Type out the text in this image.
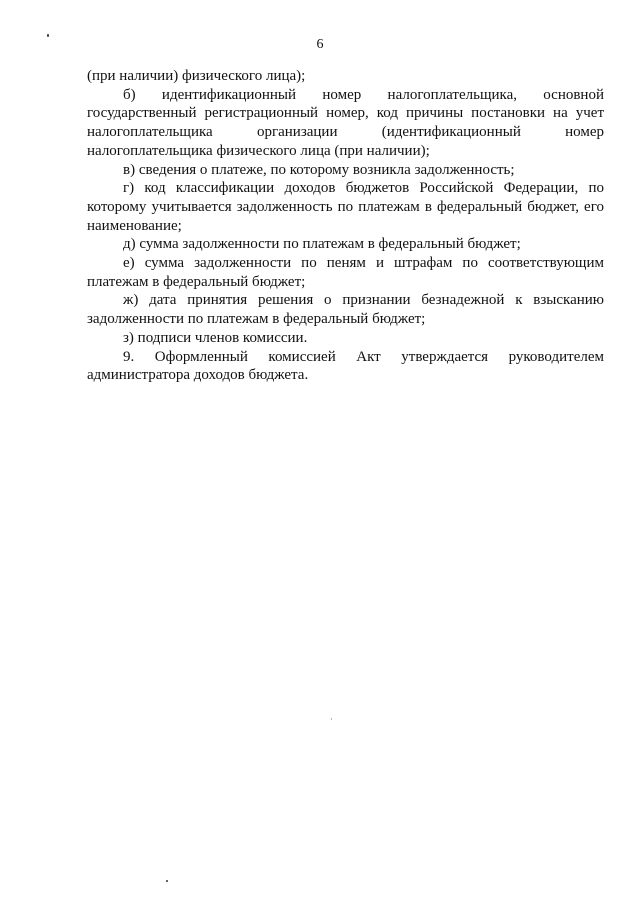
6

(при наличии) физического лица);

б) идентификационный номер налогоплательщика, основной государственный регистрационный номер, код причины постановки на учет налогоплательщика организации (идентификационный номер налогоплательщика физического лица (при наличии);

в) сведения о платеже, по которому возникла задолженность;

г) код классификации доходов бюджетов Российской Федерации, по которому учитывается задолженность по платежам в федеральный бюджет, его наименование;

д) сумма задолженности по платежам в федеральный бюджет;

е) сумма задолженности по пеням и штрафам по соответствующим платежам в федеральный бюджет;

ж) дата принятия решения о признании безнадежной к взысканию задолженности по платежам в федеральный бюджет;

з) подписи членов комиссии.

9. Оформленный комиссией Акт утверждается руководителем администратора доходов бюджета.
